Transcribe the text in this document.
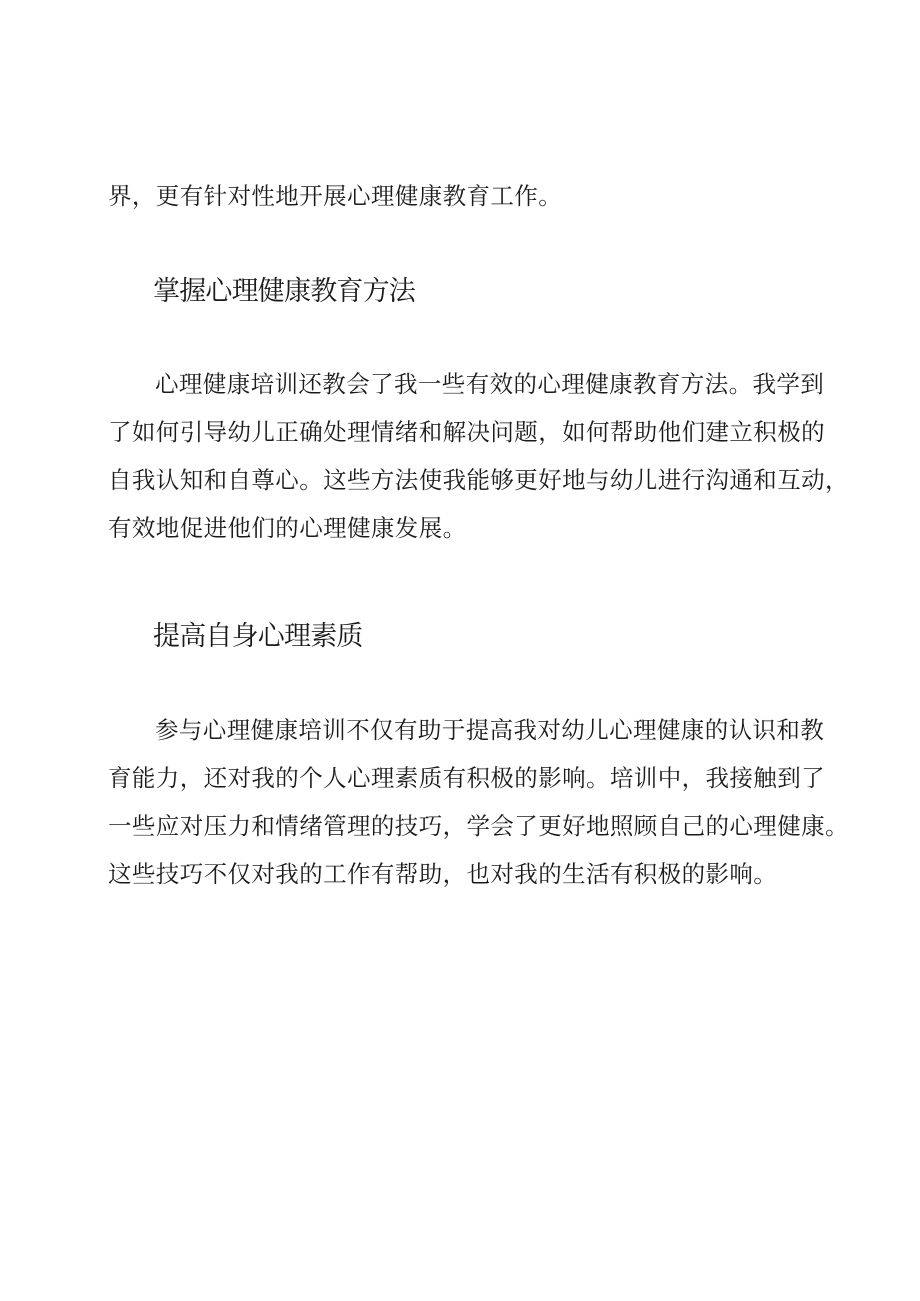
界，更有针对性地开展心理健康教育工作。
掌握心理健康教育方法
心理健康培训还教会了我一些有效的心理健康教育方法。我学到
了如何引导幼儿正确处理情绪和解决问题，如何帮助他们建立积极的
自我认知和自尊心。这些方法使我能够更好地与幼儿进行沟通和互动，
有效地促进他们的心理健康发展。
提高自身心理素质
参与心理健康培训不仅有助于提高我对幼儿心理健康的认识和教
育能力，还对我的个人心理素质有积极的影响。培训中，我接触到了
一些应对压力和情绪管理的技巧，学会了更好地照顾自己的心理健康。
这些技巧不仅对我的工作有帮助，也对我的生活有积极的影响。
